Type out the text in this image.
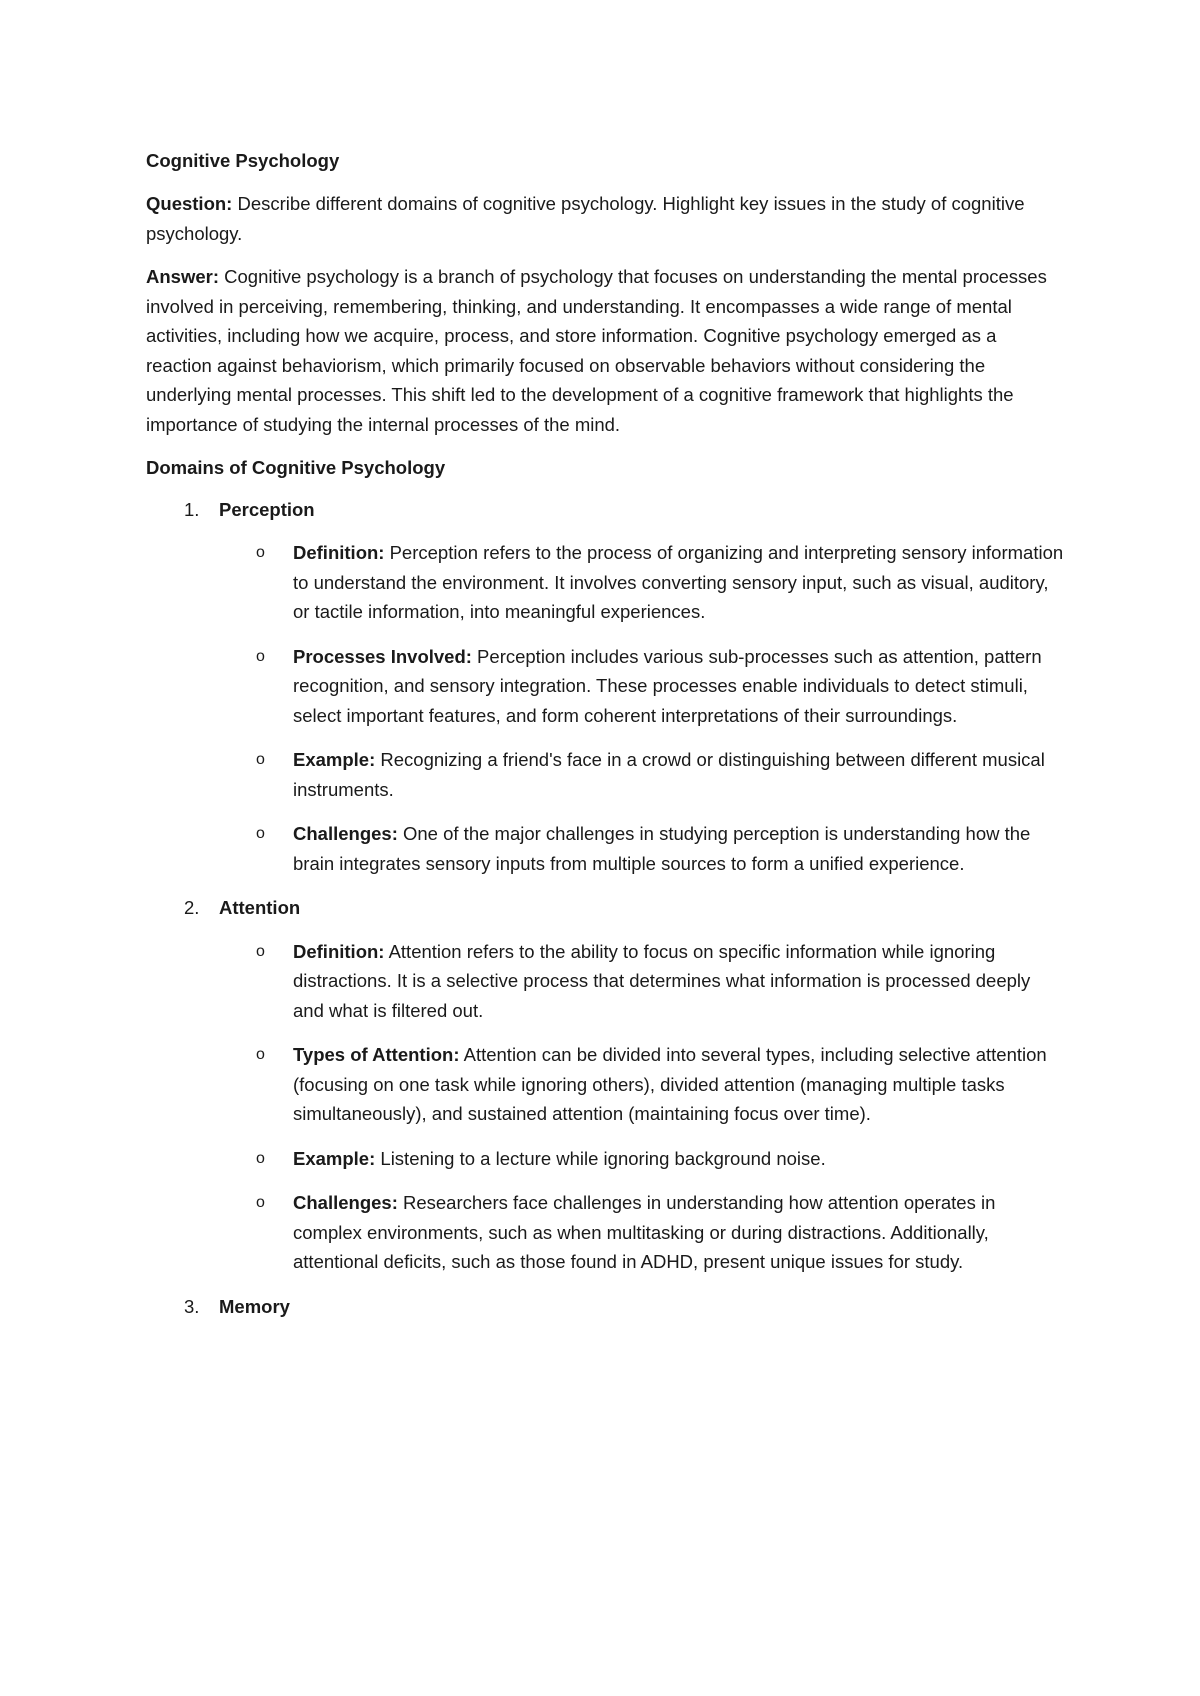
Cognitive Psychology

Question: Describe different domains of cognitive psychology. Highlight key issues in the study of cognitive psychology.

Answer: Cognitive psychology is a branch of psychology that focuses on understanding the mental processes involved in perceiving, remembering, thinking, and understanding. It encompasses a wide range of mental activities, including how we acquire, process, and store information. Cognitive psychology emerged as a reaction against behaviorism, which primarily focused on observable behaviors without considering the underlying mental processes. This shift led to the development of a cognitive framework that highlights the importance of studying the internal processes of the mind.

Domains of Cognitive Psychology
1. Perception
o Definition: Perception refers to the process of organizing and interpreting sensory information to understand the environment. It involves converting sensory input, such as visual, auditory, or tactile information, into meaningful experiences.
o Processes Involved: Perception includes various sub-processes such as attention, pattern recognition, and sensory integration. These processes enable individuals to detect stimuli, select important features, and form coherent interpretations of their surroundings.
o Example: Recognizing a friend's face in a crowd or distinguishing between different musical instruments.
o Challenges: One of the major challenges in studying perception is understanding how the brain integrates sensory inputs from multiple sources to form a unified experience.
2. Attention
o Definition: Attention refers to the ability to focus on specific information while ignoring distractions. It is a selective process that determines what information is processed deeply and what is filtered out.
o Types of Attention: Attention can be divided into several types, including selective attention (focusing on one task while ignoring others), divided attention (managing multiple tasks simultaneously), and sustained attention (maintaining focus over time).
o Example: Listening to a lecture while ignoring background noise.
o Challenges: Researchers face challenges in understanding how attention operates in complex environments, such as when multitasking or during distractions. Additionally, attentional deficits, such as those found in ADHD, present unique issues for study.
3. Memory
